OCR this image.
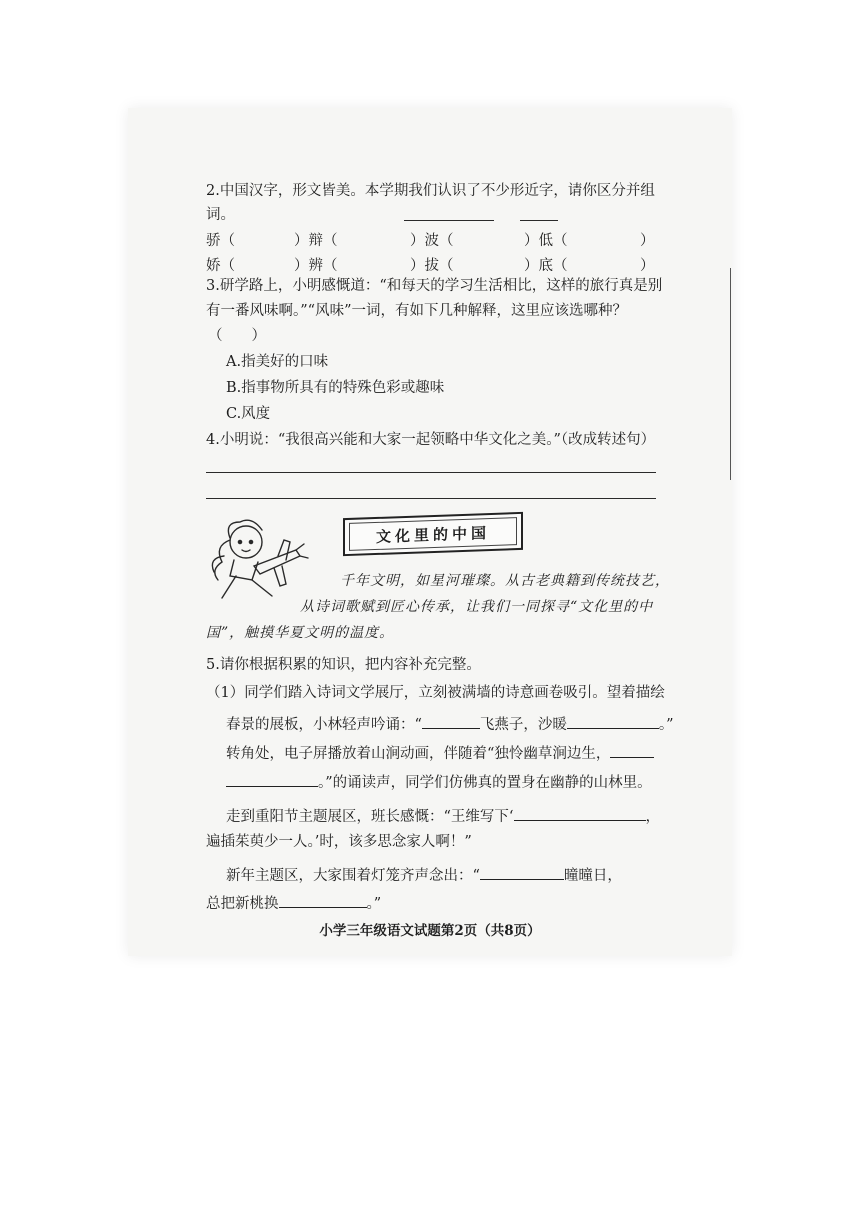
2.中国汉字，形文皆美。本学期我们认识了不少形近字，请你区分并组
词。
骄（	）辩（	）波（	）低（	）
娇（	）辨（	）拔（	）底（	）
3.研学路上，小明感慨道：“和每天的学习生活相比，这样的旅行真是别
有一番风味啊。”“风味”一词，有如下几种解释，这里应该选哪种？
（　　）
A.指美好的口味
B.指事物所具有的特殊色彩或趣味
C.风度
4.小明说：“我很高兴能和大家一起领略中华文化之美。”（改成转述句）
文化里的中国
千年文明，如星河璀璨。从古老典籍到传统技艺，
从诗词歌赋到匠心传承，让我们一同探寻“文化里的中
国”，触摸华夏文明的温度。
5.请你根据积累的知识，把内容补充完整。
（1）同学们踏入诗词文学展厅，立刻被满墙的诗意画卷吸引。望着描绘
春景的展板，小林轻声吟诵：“	飞燕子，沙暖	。”
转角处，电子屏播放着山涧动画，伴随着“独怜幽草涧边生，
。”的诵读声，同学们仿佛真的置身在幽静的山林里。
走到重阳节主题展区，班长感慨：“王维写下‘	，
遍插茱萸少一人。’时，该多思念家人啊！”
新年主题区，大家围着灯笼齐声念出：“	曈曈日，
总把新桃换	。”
小学三年级语文试题第2页（共8页）
